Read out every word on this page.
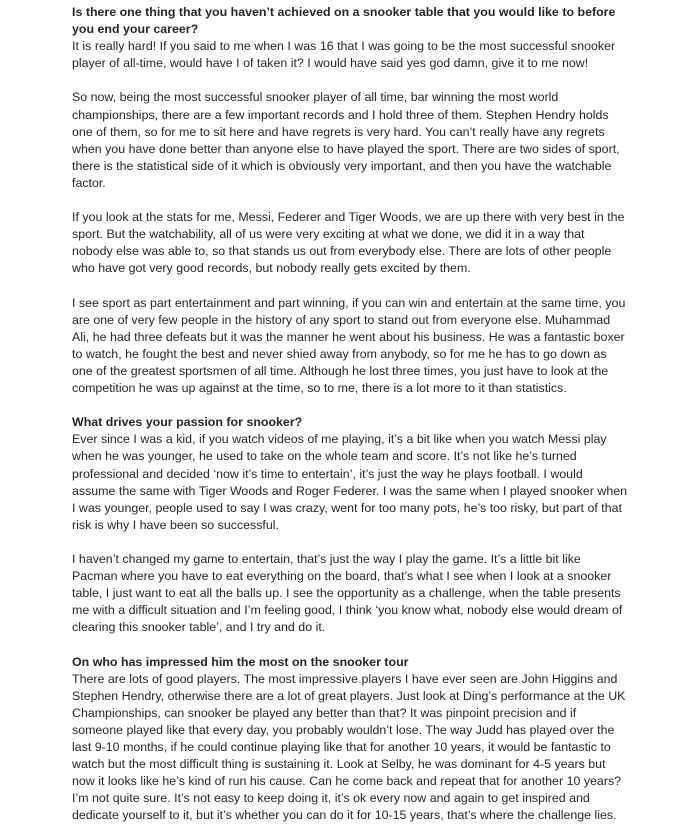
Is there one thing that you haven’t achieved on a snooker table that you would like to before you end your career?
It is really hard! If you said to me when I was 16 that I was going to be the most successful snooker player of all-time, would have I of taken it? I would have said yes god damn, give it to me now!
So now, being the most successful snooker player of all time, bar winning the most world championships, there are a few important records and I hold three of them. Stephen Hendry holds one of them, so for me to sit here and have regrets is very hard. You can’t really have any regrets when you have done better than anyone else to have played the sport. There are two sides of sport, there is the statistical side of it which is obviously very important, and then you have the watchable factor.
If you look at the stats for me, Messi, Federer and Tiger Woods, we are up there with very best in the sport. But the watchability, all of us were very exciting at what we done, we did it in a way that nobody else was able to, so that stands us out from everybody else. There are lots of other people who have got very good records, but nobody really gets excited by them.
I see sport as part entertainment and part winning, if you can win and entertain at the same time, you are one of very few people in the history of any sport to stand out from everyone else. Muhammad Ali, he had three defeats but it was the manner he went about his business. He was a fantastic boxer to watch, he fought the best and never shied away from anybody, so for me he has to go down as one of the greatest sportsmen of all time. Although he lost three times, you just have to look at the competition he was up against at the time, so to me, there is a lot more to it than statistics.
What drives your passion for snooker?
Ever since I was a kid, if you watch videos of me playing, it’s a bit like when you watch Messi play when he was younger, he used to take on the whole team and score. It’s not like he’s turned professional and decided ‘now it’s time to entertain’, it’s just the way he plays football. I would assume the same with Tiger Woods and Roger Federer. I was the same when I played snooker when I was younger, people used to say I was crazy, went for too many pots, he’s too risky, but part of that risk is why I have been so successful.
I haven’t changed my game to entertain, that’s just the way I play the game. It’s a little bit like Pacman where you have to eat everything on the board, that’s what I see when I look at a snooker table, I just want to eat all the balls up. I see the opportunity as a challenge, when the table presents me with a difficult situation and I’m feeling good, I think ‘you know what, nobody else would dream of clearing this snooker table’, and I try and do it.
On who has impressed him the most on the snooker tour
There are lots of good players. The most impressive players I have ever seen are John Higgins and Stephen Hendry, otherwise there are a lot of great players. Just look at Ding’s performance at the UK Championships, can snooker be played any better than that? It was pinpoint precision and if someone played like that every day, you probably wouldn’t lose. The way Judd has played over the last 9-10 months, if he could continue playing like that for another 10 years, it would be fantastic to watch but the most difficult thing is sustaining it. Look at Selby, he was dominant for 4-5 years but now it looks like he’s kind of run his cause. Can he come back and repeat that for another 10 years? I’m not quite sure. It’s not easy to keep doing it, it’s ok every now and again to get inspired and dedicate yourself to it, but it’s whether you can do it for 10-15 years, that’s where the challenge lies.
